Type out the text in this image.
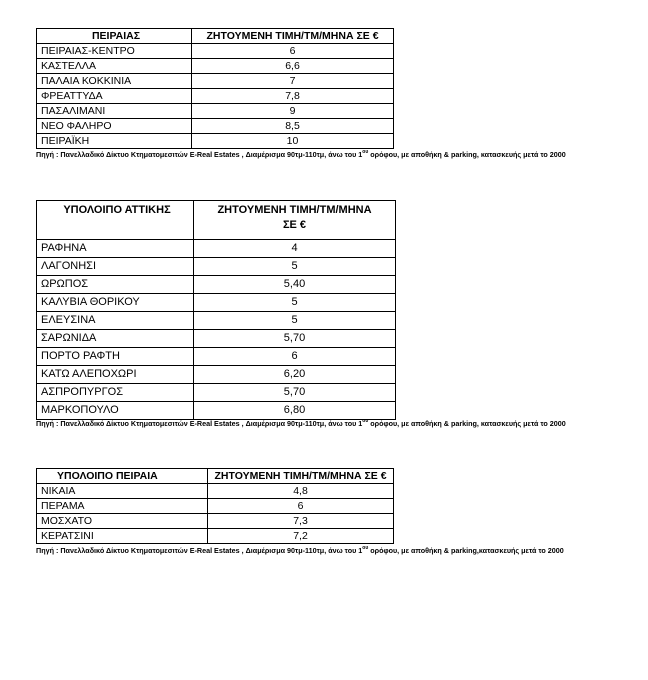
ΠΕΙΡΑΙΑΣ	ΖΗΤΟΥΜΕΝΗ ΤΙΜΗ/ΤΜ/ΜΗΝΑ ΣΕ €
ΠΕΙΡΑΙΑΣ-ΚΕΝΤΡΟ	6
ΚΑΣΤΕΛΛΑ	6,6
ΠΑΛΑΙΑ ΚΟΚΚΙΝΙΑ	7
ΦΡΕΑΤΤΥΔΑ	7,8
ΠΑΣΑΛΙΜΑΝΙ	9
ΝΕΟ ΦΑΛΗΡΟ	8,5
ΠΕΙΡΑΪΚΗ	10
Πηγή : Πανελλαδικό Δίκτυο Κτηματομεσιτών E-Real Estates , Διαμέρισμα 90τμ-110τμ, άνω του $1^{o\upsilon}$ ορόφου, με αποθήκη & parking, κατασκευής μετά το 2000
ΥΠΟΛΟΙΠΟ ΑΤΤΙΚΗΣ	ΖΗΤΟΥΜΕΝΗ ΤΙΜΗ/ΤΜ/ΜΗΝΑ
ΣΕ €
ΡΑΦΗΝΑ	4
ΛΑΓΟΝΗΣΙ	5
ΩΡΩΠΟΣ	5,40
ΚΑΛΥΒΙΑ ΘΟΡΙΚΟΥ	5
ΕΛΕΥΣΙΝΑ	5
ΣΑΡΩΝΙΔΑ	5,70
ΠΟΡΤΟ ΡΑΦΤΗ	6
ΚΑΤΩ ΑΛΕΠΟΧΩΡΙ	6,20
ΑΣΠΡΟΠΥΡΓΟΣ	5,70
ΜΑΡΚΟΠΟΥΛΟ	6,80
Πηγή : Πανελλαδικό Δίκτυο Κτηματομεσιτών E-Real Estates , Διαμέρισμα 90τμ-110τμ, άνω του $1^{o\upsilon}$ ορόφου, με αποθήκη & parking, κατασκευής μετά το 2000
ΥΠΟΛΟΙΠΟ ΠΕΙΡΑΙΑ	ΖΗΤΟΥΜΕΝΗ ΤΙΜΗ/ΤΜ/ΜΗΝΑ ΣΕ €
ΝΙΚΑΙΑ	4,8
ΠΕΡΑΜΑ	6
ΜΟΣΧΑΤΟ	7,3
ΚΕΡΑΤΣΙΝΙ	7,2
Πηγή : Πανελλαδικό Δίκτυο Κτηματομεσιτών E-Real Estates , Διαμέρισμα 90τμ-110τμ, άνω του $1^{o\upsilon}$ ορόφου, με αποθήκη & parking,κατασκευής μετά το 2000
